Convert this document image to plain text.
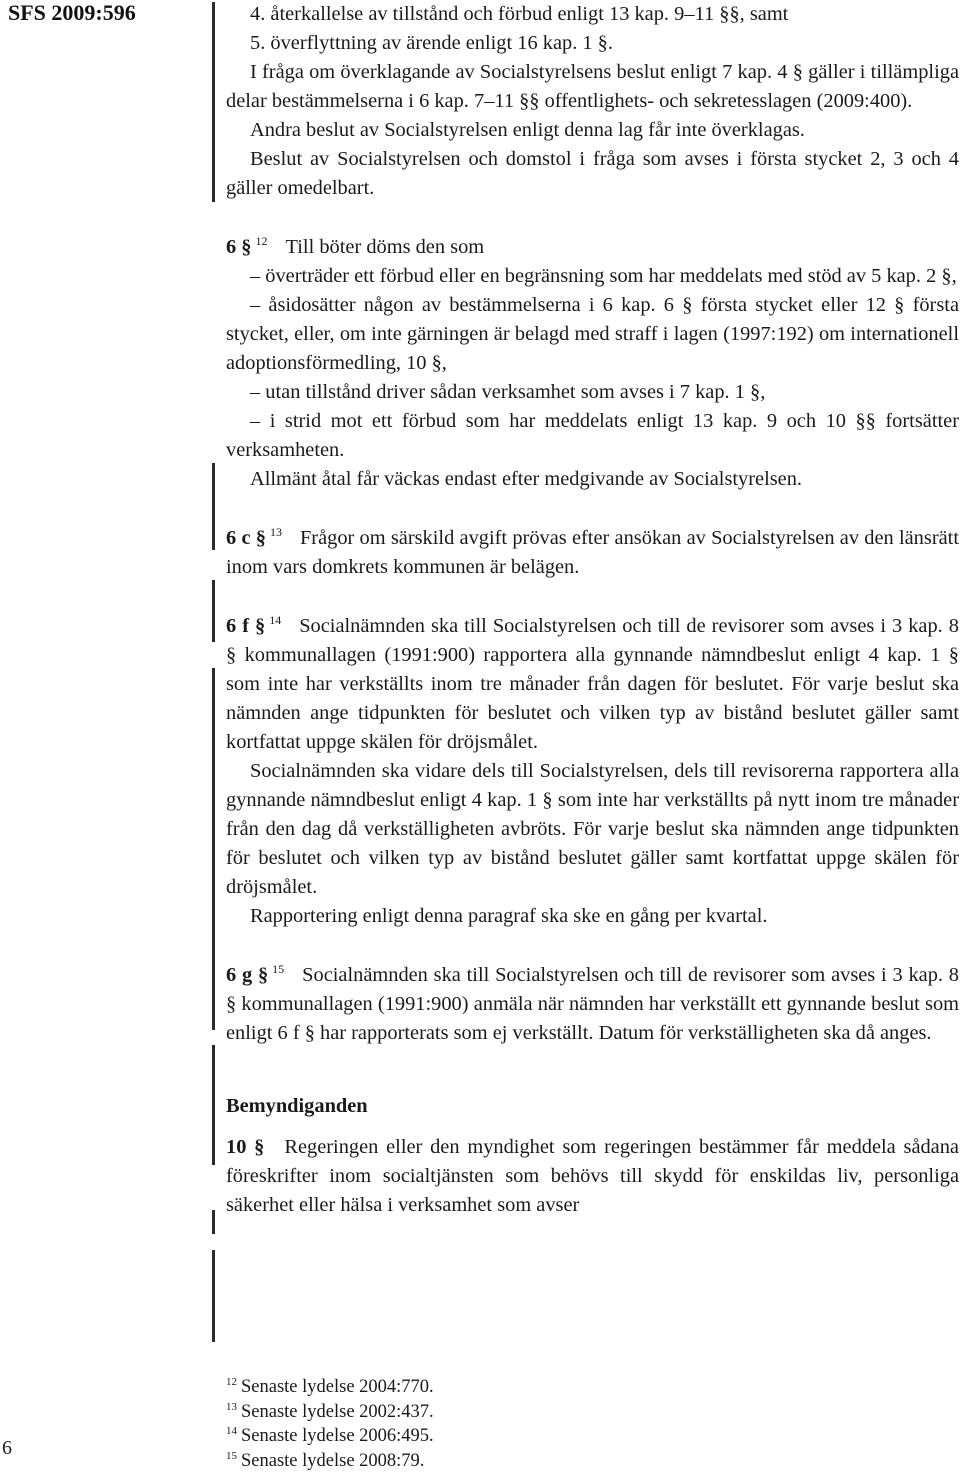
SFS 2009:596	4. återkallelse av tillstånd och förbud enligt 13 kap. 9–11 §§, samt

5. överflyttning av ärende enligt 16 kap. 1 §.

I fråga om överklagande av Socialstyrelsens beslut enligt 7 kap. 4 § gäller i tillämpliga delar bestämmelserna i 6 kap. 7–11 §§ offentlighets- och sekretesslagen (2009:400).

Andra beslut av Socialstyrelsen enligt denna lag får inte överklagas.

Beslut av Socialstyrelsen och domstol i fråga som avses i första stycket 2, 3 och 4 gäller omedelbart.

6 § $^{12}$ Till böter döms den som

– överträder ett förbud eller en begränsning som har meddelats med stöd av 5 kap. 2 §,

– åsidosätter någon av bestämmelserna i 6 kap. 6 § första stycket eller 12 § första stycket, eller, om inte gärningen är belagd med straff i lagen (1997:192) om internationell adoptionsförmedling, 10 §,

– utan tillstånd driver sådan verksamhet som avses i 7 kap. 1 §,

– i strid mot ett förbud som har meddelats enligt 13 kap. 9 och 10 §§ fortsätter verksamheten.

Allmänt åtal får väckas endast efter medgivande av Socialstyrelsen.

6 c § $^{13}$ Frågor om särskild avgift prövas efter ansökan av Socialstyrelsen av den länsrätt inom vars domkrets kommunen är belägen.

6 f § $^{14}$ Socialnämnden ska till Socialstyrelsen och till de revisorer som avses i 3 kap. 8 § kommunallagen (1991:900) rapportera alla gynnande nämndbeslut enligt 4 kap. 1 § som inte har verkställts inom tre månader från dagen för beslutet. För varje beslut ska nämnden ange tidpunkten för beslutet och vilken typ av bistånd beslutet gäller samt kortfattat uppge skälen för dröjsmålet.

Socialnämnden ska vidare dels till Socialstyrelsen, dels till revisorerna rapportera alla gynnande nämndbeslut enligt 4 kap. 1 § som inte har verkställts på nytt inom tre månader från den dag då verkställigheten avbröts. För varje beslut ska nämnden ange tidpunkten för beslutet och vilken typ av bistånd beslutet gäller samt kortfattat uppge skälen för dröjsmålet.

Rapportering enligt denna paragraf ska ske en gång per kvartal.

6 g § $^{15}$ Socialnämnden ska till Socialstyrelsen och till de revisorer som avses i 3 kap. 8 § kommunallagen (1991:900) anmäla när nämnden har verkställt ett gynnande beslut som enligt 6 f § har rapporterats som ej verkställt. Datum för verkställigheten ska då anges.

Bemyndiganden

10 § Regeringen eller den myndighet som regeringen bestämmer får meddela sådana föreskrifter inom socialtjänsten som behövs till skydd för enskildas liv, personliga säkerhet eller hälsa i verksamhet som avser

$^{12}$ Senaste lydelse 2004:770.
$^{13}$ Senaste lydelse 2002:437.
$^{14}$ Senaste lydelse 2006:495.
$^{15}$ Senaste lydelse 2008:79.
6
